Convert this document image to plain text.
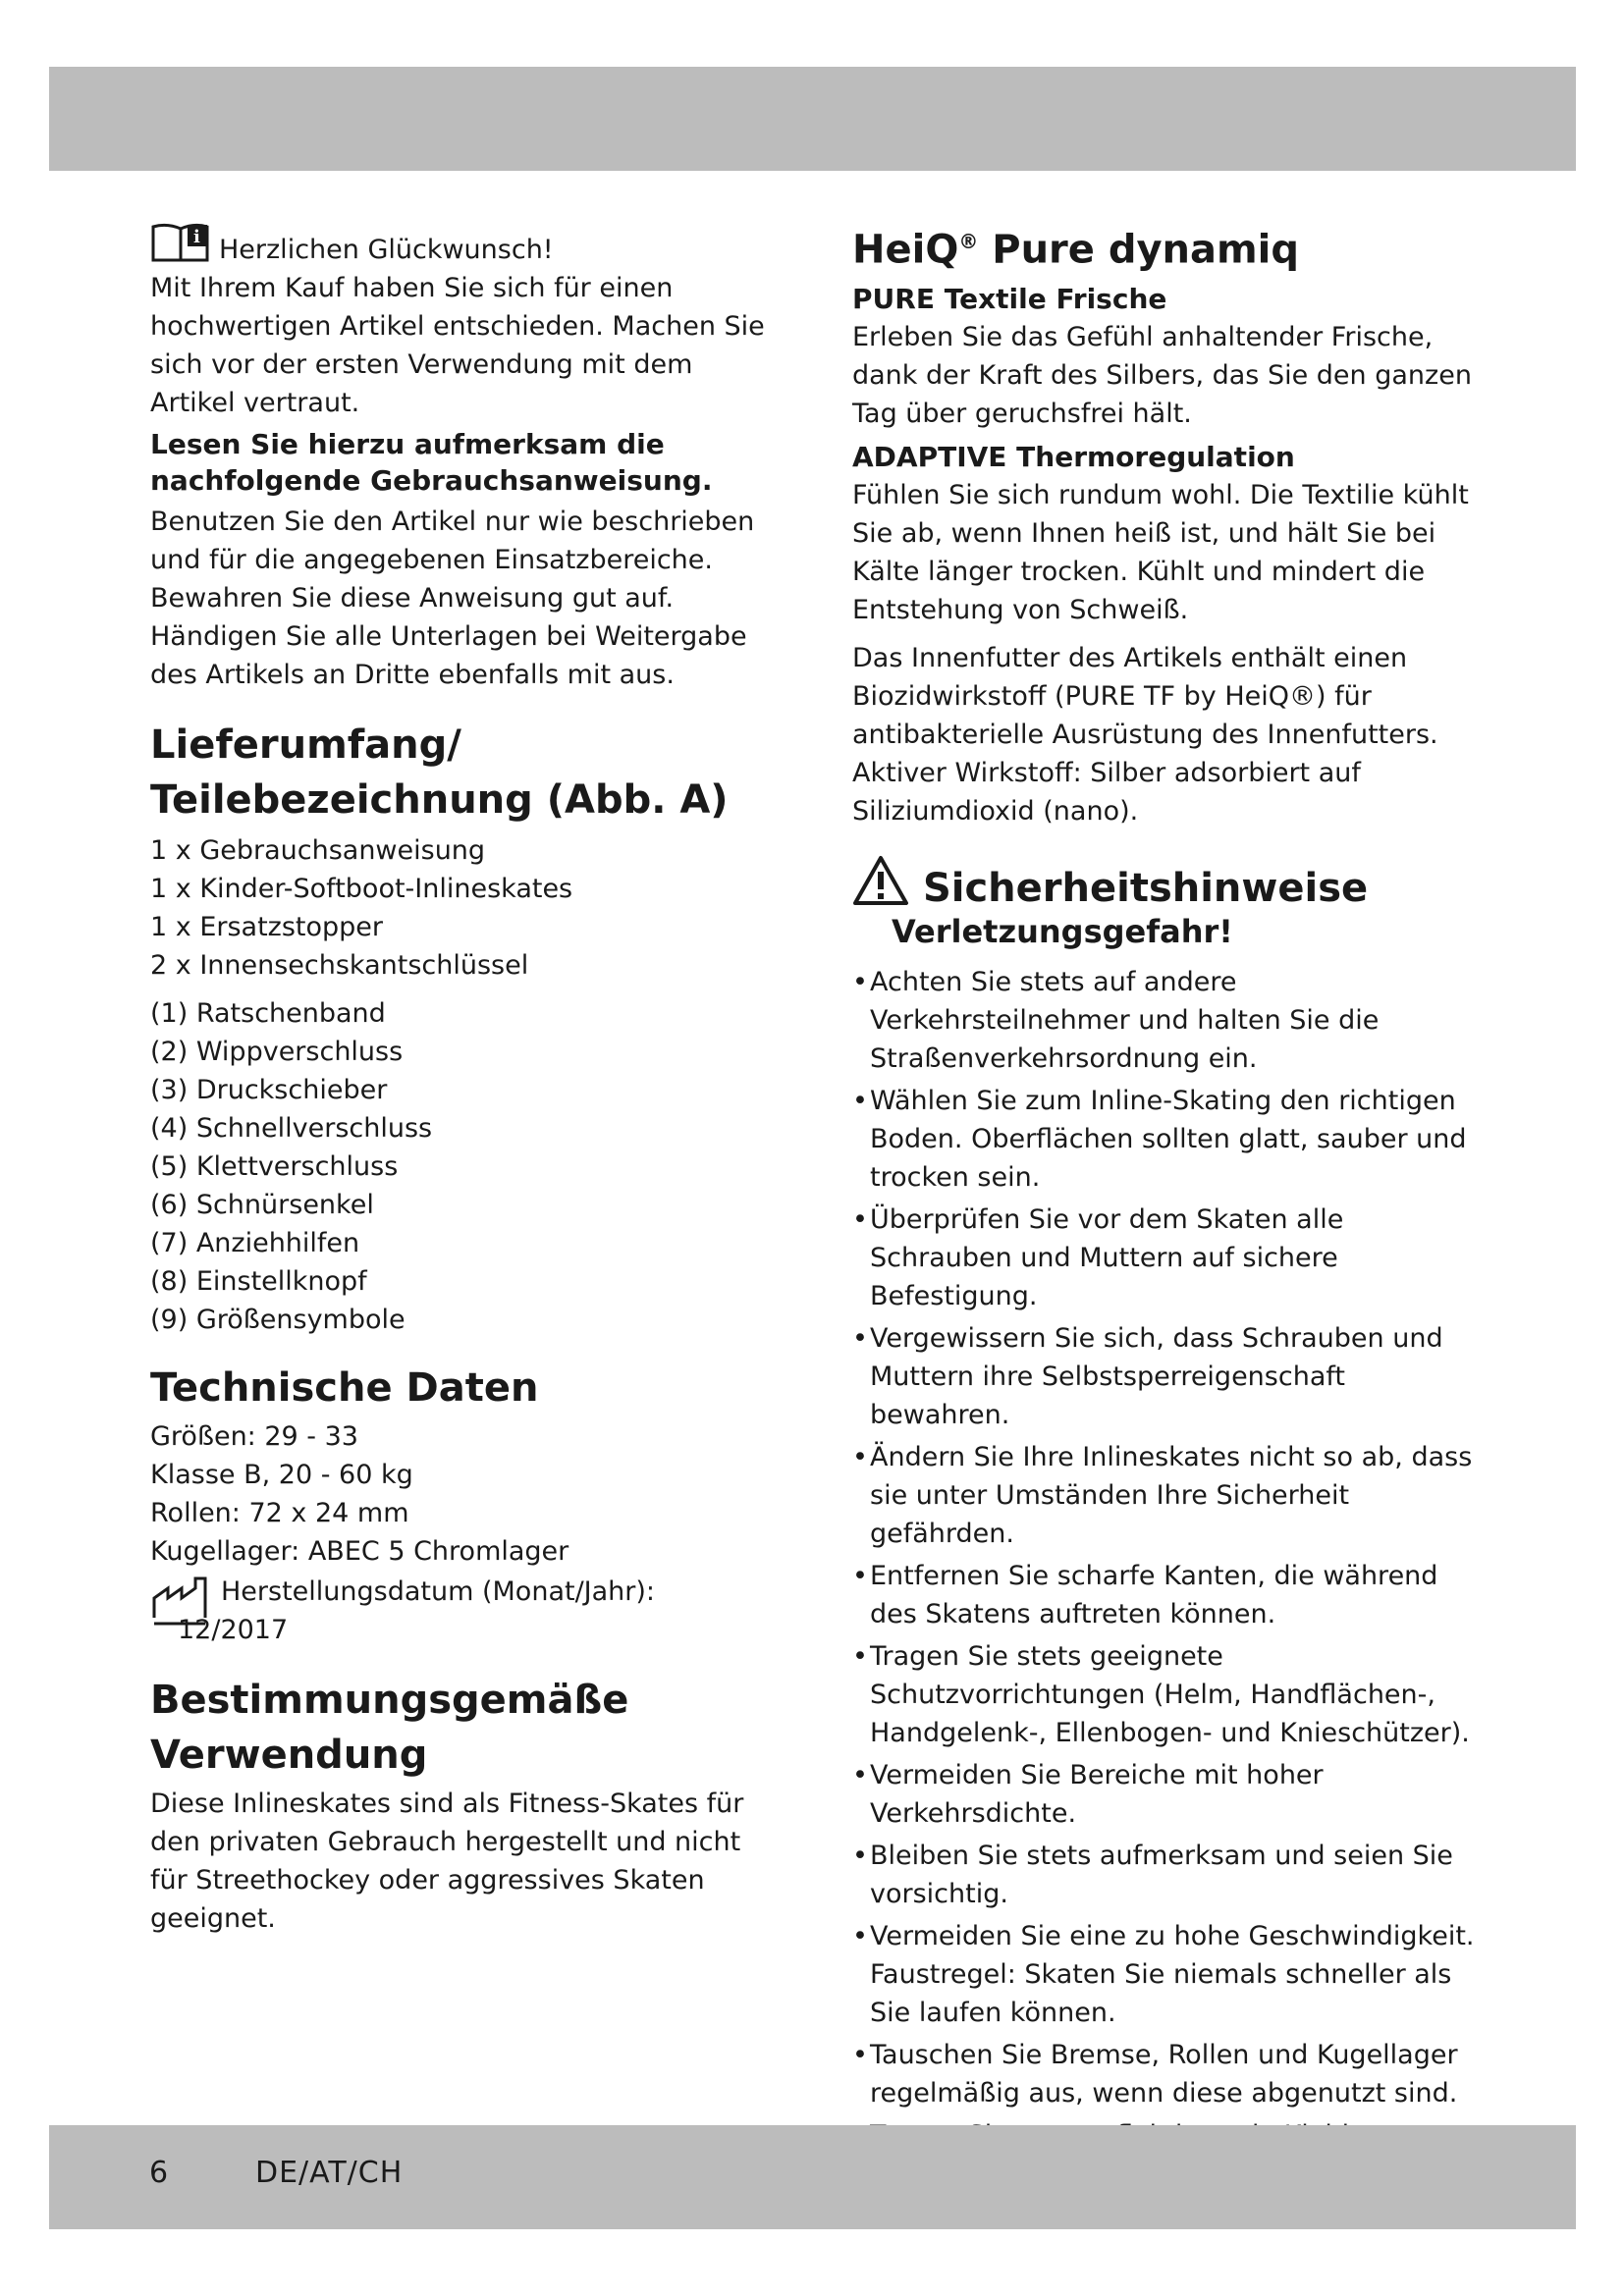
i Herzlichen Glückwunsch!

Mit Ihrem Kauf haben Sie sich für einen hochwertigen Artikel entschieden. Machen Sie sich vor der ersten Verwendung mit dem Artikel vertraut.

Lesen Sie hierzu aufmerksam die nachfolgende Gebrauchsanweisung.

Benutzen Sie den Artikel nur wie beschrieben und für die angegebenen Einsatzbereiche. Bewahren Sie diese Anweisung gut auf. Händigen Sie alle Unterlagen bei Weitergabe des Artikels an Dritte ebenfalls mit aus.

Lieferumfang/
Teilebezeichnung (Abb. A)

1 x Gebrauchsanweisung

1 x Kinder-Softboot-Inlineskates

1 x Ersatzstopper

2 x Innensechskantschlüssel

(1) Ratschenband

(2) Wippverschluss

(3) Druckschieber

(4) Schnellverschluss

(5) Klettverschluss

(6) Schnürsenkel

(7) Anziehhilfen

(8) Einstellknopf

(9) Größensymbole

Technische Daten

Größen: 29 - 33

Klasse B, 20 - 60 kg

Rollen: 72 x 24 mm

Kugellager: ABEC 5 Chromlager

Herstellungsdatum (Monat/Jahr):

12/2017

Bestimmungsgemäße
Verwendung

Diese Inlineskates sind als Fitness-Skates für den privaten Gebrauch hergestellt und nicht für Streethockey oder aggressives Skaten geeignet.

HeiQ® Pure dynamiq

PURE Textile Frische

Erleben Sie das Gefühl anhaltender Frische, dank der Kraft des Silbers, das Sie den ganzen Tag über geruchsfrei hält.

ADAPTIVE Thermoregulation

Fühlen Sie sich rundum wohl. Die Textilie kühlt Sie ab, wenn Ihnen heiß ist, und hält Sie bei Kälte länger trocken. Kühlt und mindert die Entstehung von Schweiß.

Das Innenfutter des Artikels enthält einen Biozidwirkstoff (PURE TF by HeiQ®) für antibakterielle Ausrüstung des Innenfutters. Aktiver Wirkstoff: Silber adsorbiert auf Siliziumdioxid (nano).

Sicherheitshinweise

Verletzungsgefahr!

• Achten Sie stets auf andere Verkehrsteilnehmer und halten Sie die Straßenverkehrsordnung ein.
• Wählen Sie zum Inline-Skating den richtigen Boden. Oberflächen sollten glatt, sauber und trocken sein.
• Überprüfen Sie vor dem Skaten alle Schrauben und Muttern auf sichere Befestigung.
• Vergewissern Sie sich, dass Schrauben und Muttern ihre Selbstsperreigenschaft bewahren.
• Ändern Sie Ihre Inlineskates nicht so ab, dass sie unter Umständen Ihre Sicherheit gefährden.
• Entfernen Sie scharfe Kanten, die während des Skatens auftreten können.
• Tragen Sie stets geeignete Schutzvorrichtungen (Helm, Handflächen-, Handgelenk-, Ellenbogen- und Knieschützer).
• Vermeiden Sie Bereiche mit hoher Verkehrsdichte.
• Bleiben Sie stets aufmerksam und seien Sie vorsichtig.
• Vermeiden Sie eine zu hohe Geschwindigkeit. Faustregel: Skaten Sie niemals schneller als Sie laufen können.
• Tauschen Sie Bremse, Rollen und Kugellager regelmäßig aus, wenn diese abgenutzt sind.
•
•
6	DE/AT/CH
